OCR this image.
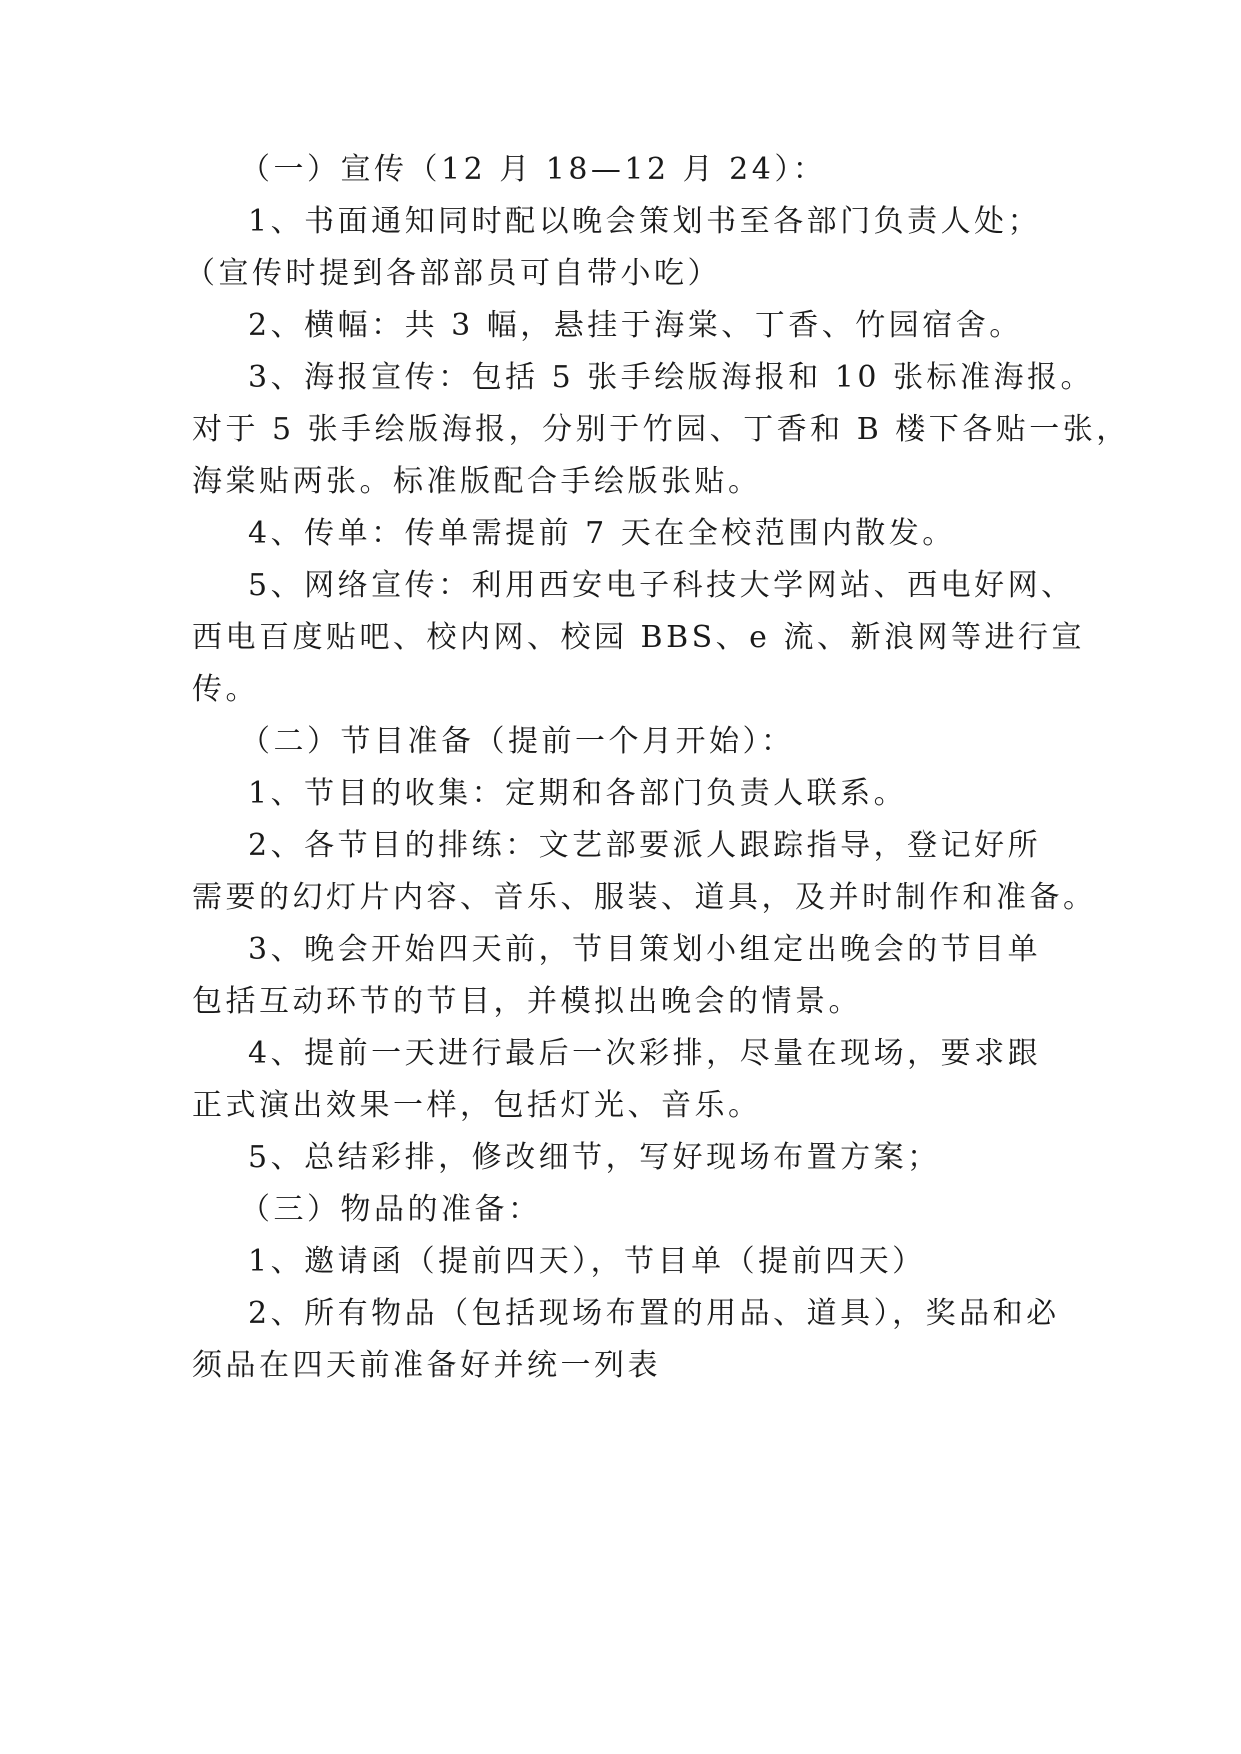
（一）宣传（12 月 18—12 月 24）：
1、书面通知同时配以晚会策划书至各部门负责人处；
（宣传时提到各部部员可自带小吃）
2、横幅：共 3 幅，悬挂于海棠、丁香、竹园宿舍。
3、海报宣传：包括 5 张手绘版海报和 10 张标准海报。
对于 5 张手绘版海报，分别于竹园、丁香和 B 楼下各贴一张，
海棠贴两张。标准版配合手绘版张贴。
4、传单：传单需提前 7 天在全校范围内散发。
5、网络宣传：利用西安电子科技大学网站、西电好网、
西电百度贴吧、校内网、校园 BBS、e 流、新浪网等进行宣
传。
（二）节目准备（提前一个月开始）：
1、节目的收集：定期和各部门负责人联系。
2、各节目的排练：文艺部要派人跟踪指导，登记好所
需要的幻灯片内容、音乐、服装、道具，及并时制作和准备。
3、晚会开始四天前，节目策划小组定出晚会的节目单
包括互动环节的节目，并模拟出晚会的情景。
4、提前一天进行最后一次彩排，尽量在现场，要求跟
正式演出效果一样，包括灯光、音乐。
5、总结彩排，修改细节，写好现场布置方案；
（三）物品的准备：
1、邀请函（提前四天），节目单（提前四天）
2、所有物品（包括现场布置的用品、道具），奖品和必
须品在四天前准备好并统一列表
